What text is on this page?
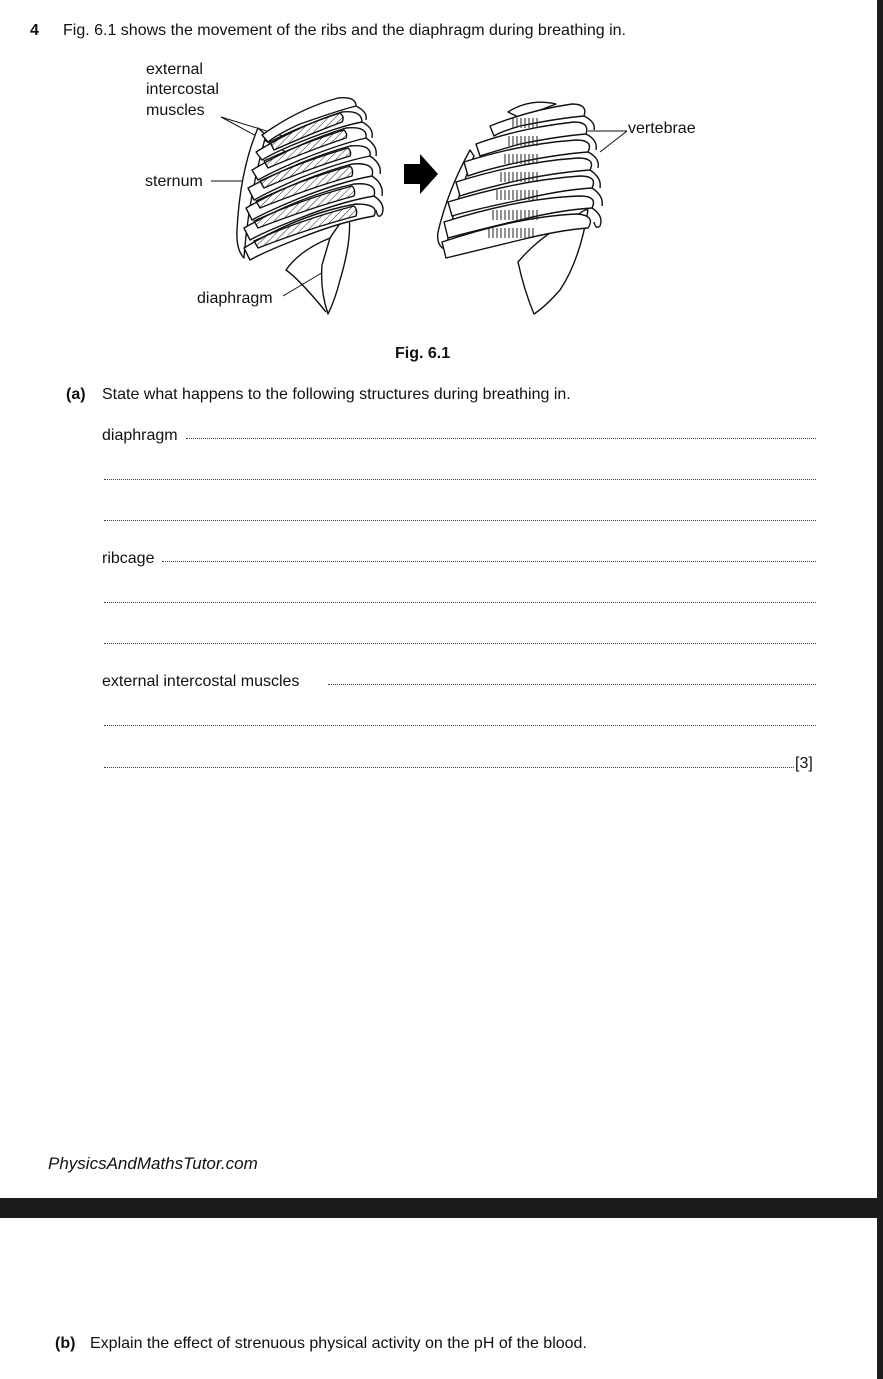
4 Fig. 6.1 shows the movement of the ribs and the diaphragm during breathing in.
external
intercostal
muscles
sternum
diaphragm
vertebrae
Fig. 6.1
(a) State what happens to the following structures during breathing in.
diaphragm
ribcage
external intercostal muscles
[3]
PhysicsAndMathsTutor.com
(b) Explain the effect of strenuous physical activity on the pH of the blood.
